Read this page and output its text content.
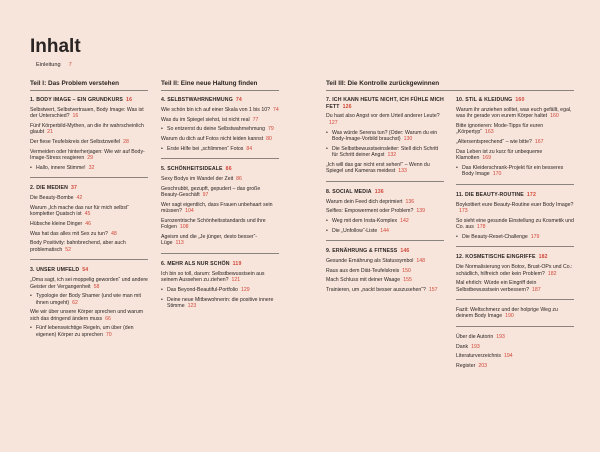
Inhalt
Einleitung 7
Teil I: Das Problem verstehen	Teil II: Eine neue Haltung finden	Teil III: Die Kontrolle zurückgewinnen
1. BODY IMAGE – EIN GRUNDKURS 16
Selbstwert, Selbstvertrauen, Body Image: Was ist der Unterschied? 16
Fünf Körperbild-Mythen, an die ihr wahrscheinlich glaubt 21
Der fiese Teufelskreis der Selbstzweifel 28
Vermeiden oder hinterherjagen: Wie wir auf Body-Image-Stress reagieren 29
• Hallo, innere Stimme! 32
2. DIE MEDIEN 37
Die Beauty-Bombe 42
Warum „Ich mache das nur für mich selbst“ kompletter Quatsch ist 45
Hübsche kleine Dinger 46
Was hat das alles mit Sex zu tun? 48
Body Positivity: bahnbrechend, aber auch problematisch 52
3. UNSER UMFELD 54
„Oma sagt, ich sei moppelig geworden“ und andere Geister der Vergangenheit 58
• Typologie der Body Shamer (und wie man mit ihnen umgeht) 62
Wie wir über unsere Körper sprechen und warum sich das dringend ändern muss 66
• Fünf lebenswichtige Regeln, um über (den eigenen) Körper zu sprechen 70
4. SELBSTWAHRNEHMUNG 74
Wie schön bin ich auf einer Skala von 1 bis 10? 74
Was du im Spiegel siehst, ist nicht real 77
• So entzerrst du deine Selbstwahrnehmung 79
Warum du dich auf Fotos nicht leiden kannst 80
• Erste Hilfe bei „schlimmen“ Fotos 84
5. SCHÖNHEITSIDEALE 86
Sexy Bodys im Wandel der Zeit 86
Geschrubbt, gezupft, gepudert – das große Beauty-Geschäft 97
Wer sagt eigentlich, dass Frauen unbehaart sein müssen? 104
Eurozentrische Schönheitsstandards und ihre Folgen 108
Ageism und die „Je jünger, desto besser“-Lüge 113
6. MEHR ALS NUR SCHÖN 119
Ich bin so toll, darum: Selbstbewusstsein aus seinem Aussehen zu ziehen? 121
• Das Beyond-Beautiful-Portfolio 129
• Deine neue Mitbewohnerin: die positive innere Stimme 123
7. ICH KANN HEUTE NICHT, ICH FÜHLE MICH FETT 126
Du hast also Angst vor dem Urteil anderer Leute?127
• Was würde Serena tun? (Oder: Warum du ein Body-Image-Vorbild brauchst) 130
• Die Selbstbewusstseinsleiter: Stell dich Schritt für Schritt deiner Angst 132
„Ich will das gar nicht erst sehen!“ – Wenn du Spiegel und Kameras meidest 133
8. SOCIAL MEDIA 136
Warum dein Feed dich deprimiert 136
Selfies: Empowerment oder Problem? 139
• Weg mit dem Insta-Komplex 142
• Die „Unfollow“-Liste 144
9. ERNÄHRUNG & FITNESS 146
Gesunde Ernährung als Statussymbol 148
Raus aus dem Diät-Teufelskreis 150
Mach Schluss mit deiner Waage 155
Trainieren, um „nackt besser auszusehen“? 157
10. STIL & KLEIDUNG 160
Warum ihr anziehen solltet, was euch gefällt, egal, was ihr gerade von eurem Körper haltet 160
Bitte ignorieren: Mode-Tipps für euren „Körpertyp“ 163
„Altersentsprechend“ – wie bitte? 167
Das Leben ist zu kurz für unbequeme Klamotten 169
• Das Kleiderschrank-Projekt für ein besseres Body Image 170
11. DIE BEAUTY-ROUTINE 172
Boykottiert eure Beauty-Routine euer Body Image?173
So sieht eine gesunde Einstellung zu Kosmetik und Co. aus 178
• Die Beauty-Reset-Challenge 179
12. KOSMETISCHE EINGRIFFE 182
Die Normalisierung von Botox, Brust-OPs und Co.: schädlich, hilfreich oder kein Problem? 182
Mal ehrlich: Würde ein Eingriff dein Selbstbewusstsein verbessern? 187
Fazit: Weltschmerz und der holprige Weg zu deinem Body Image 190
Über die Autorin 193
Dank 193
Literaturverzeichnis 194
Register 203
